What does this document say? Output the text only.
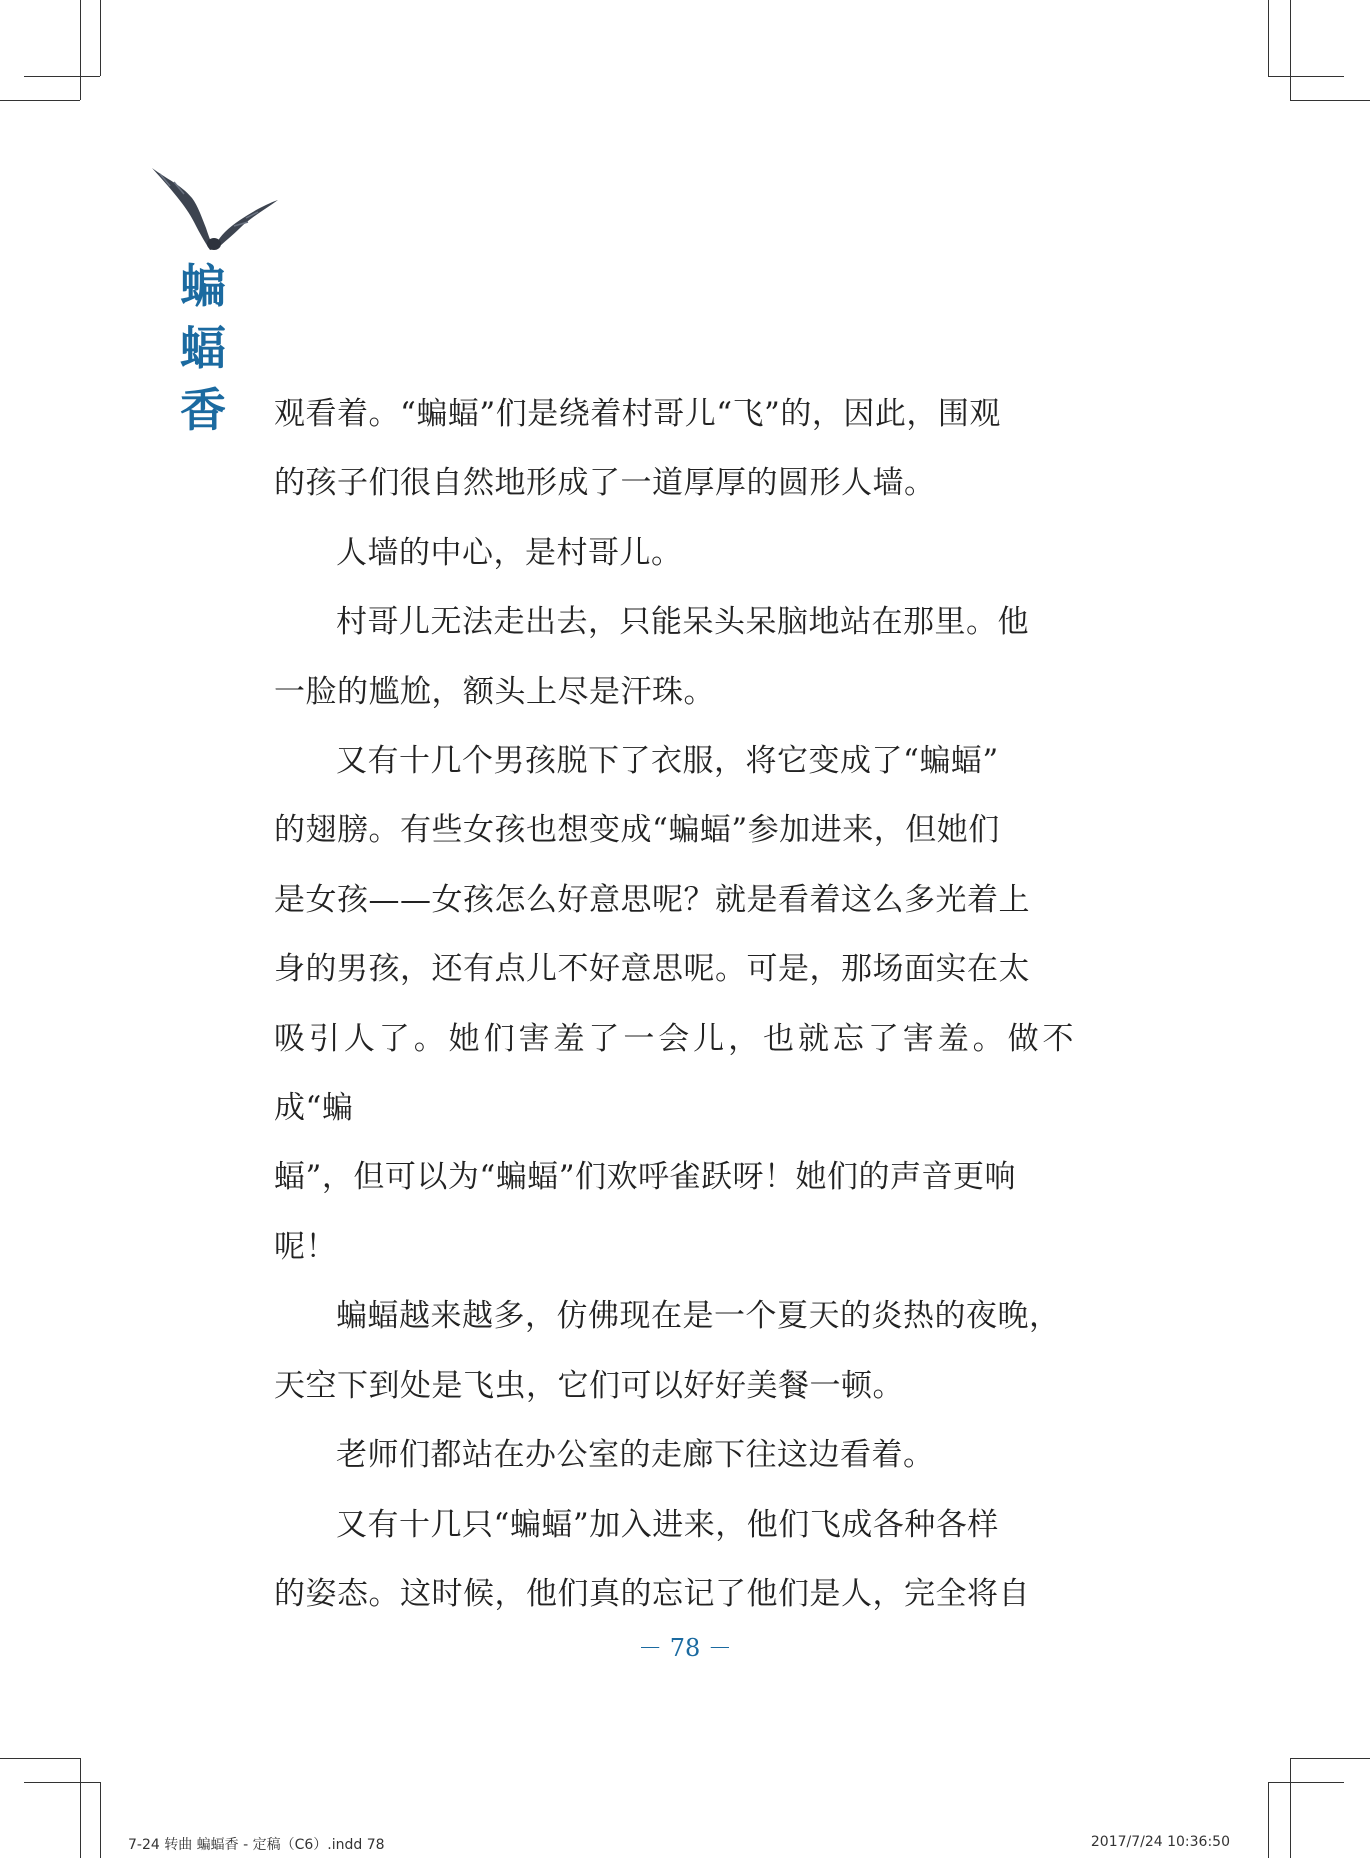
蝙
蝠
香	观看着。“蝙蝠”们是绕着村哥儿“飞”的，因此，围观

的孩子们很自然地形成了一道厚厚的圆形人墙。

人墙的中心，是村哥儿。

村哥儿无法走出去，只能呆头呆脑地站在那里。他

一脸的尴尬，额头上尽是汗珠。

又有十几个男孩脱下了衣服，将它变成了“蝙蝠”

的翅膀。有些女孩也想变成“蝙蝠”参加进来，但她们

是女孩——女孩怎么好意思呢？就是看着这么多光着上

身的男孩，还有点儿不好意思呢。可是，那场面实在太

吸引人了。她们害羞了一会儿，也就忘了害羞。做不成“蝙

蝠”，但可以为“蝙蝠”们欢呼雀跃呀！她们的声音更响

呢！

蝙蝠越来越多，仿佛现在是一个夏天的炎热的夜晚，

天空下到处是飞虫，它们可以好好美餐一顿。

老师们都站在办公室的走廊下往这边看着。

又有十几只“蝙蝠”加入进来，他们飞成各种各样

的姿态。这时候，他们真的忘记了他们是人，完全将自

－ 78 －
7-24 转曲 蝙蝠香 - 定稿（C6）.indd 78	2017/7/24 10:36:50
